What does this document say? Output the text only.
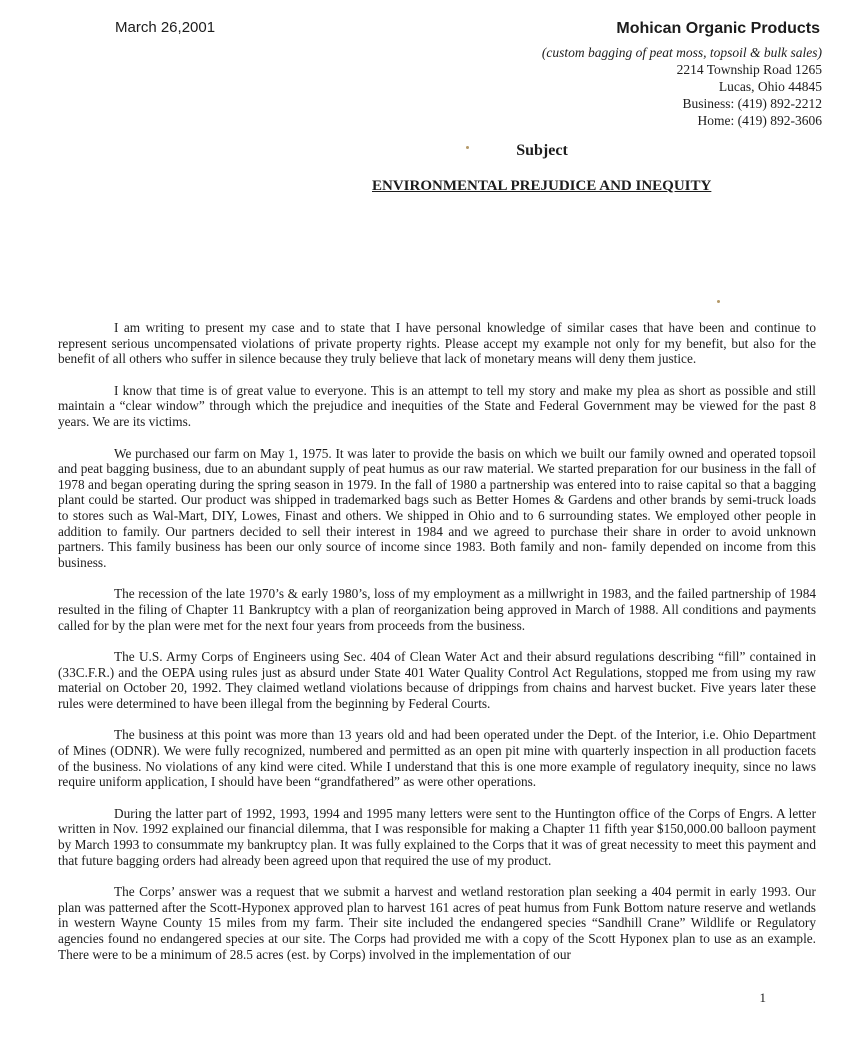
March 26,2001	Mohican Organic Products
(custom bagging of peat moss, topsoil & bulk sales)
2214 Township Road 1265
Lucas, Ohio 44845
Business: (419) 892-2212
Home: (419) 892-3606
Subject
ENVIRONMENTAL PREJUDICE AND INEQUITY

I am writing to present my case and to state that I have personal knowledge of similar cases that have been and continue to represent serious uncompensated violations of private property rights. Please accept my example not only for my benefit, but also for the benefit of all others who suffer in silence because they truly believe that lack of monetary means will deny them justice.

I know that time is of great value to everyone. This is an attempt to tell my story and make my plea as short as possible and still maintain a “clear window” through which the prejudice and inequities of the State and Federal Government may be viewed for the past 8 years. We are its victims.

We purchased our farm on May 1, 1975. It was later to provide the basis on which we built our family owned and operated topsoil and peat bagging business, due to an abundant supply of peat humus as our raw material. We started preparation for our business in the fall of 1978 and began operating during the spring season in 1979. In the fall of 1980 a partnership was entered into to raise capital so that a bagging plant could be started. Our product was shipped in trademarked bags such as Better Homes & Gardens and other brands by semi-truck loads to stores such as Wal-Mart, DIY, Lowes, Finast and others. We shipped in Ohio and to 6 surrounding states. We employed other people in addition to family. Our partners decided to sell their interest in 1984 and we agreed to purchase their share in order to avoid unknown partners. This family business has been our only source of income since 1983. Both family and non- family depended on income from this business.

The recession of the late 1970’s & early 1980’s, loss of my employment as a millwright in 1983, and the failed partnership of 1984 resulted in the filing of Chapter 11 Bankruptcy with a plan of reorganization being approved in March of 1988. All conditions and payments called for by the plan were met for the next four years from proceeds from the business.

The U.S. Army Corps of Engineers using Sec. 404 of Clean Water Act and their absurd regulations describing “fill” contained in (33C.F.R.) and the OEPA using rules just as absurd under State 401 Water Quality Control Act Regulations, stopped me from using my raw material on October 20, 1992. They claimed wetland violations because of drippings from chains and harvest bucket. Five years later these rules were determined to have been illegal from the beginning by Federal Courts.

The business at this point was more than 13 years old and had been operated under the Dept. of the Interior, i.e. Ohio Department of Mines (ODNR). We were fully recognized, numbered and permitted as an open pit mine with quarterly inspection in all production facets of the business. No violations of any kind were cited. While I understand that this is one more example of regulatory inequity, since no laws require uniform application, I should have been “grandfathered” as were other operations.

During the latter part of 1992, 1993, 1994 and 1995 many letters were sent to the Huntington office of the Corps of Engrs. A letter written in Nov. 1992 explained our financial dilemma, that I was responsible for making a Chapter 11 fifth year $150,000.00 balloon payment by March 1993 to consummate my bankruptcy plan. It was fully explained to the Corps that it was of great necessity to meet this payment and that future bagging orders had already been agreed upon that required the use of my product.

The Corps’ answer was a request that we submit a harvest and wetland restoration plan seeking a 404 permit in early 1993. Our plan was patterned after the Scott-Hyponex approved plan to harvest 161 acres of peat humus from Funk Bottom nature reserve and wetlands in western Wayne County 15 miles from my farm. Their site included the endangered species “Sandhill Crane” Wildlife or Regulatory agencies found no endangered species at our site. The Corps had provided me with a copy of the Scott Hyponex plan to use as an example. There were to be a minimum of 28.5 acres (est. by Corps) involved in the implementation of our

1
